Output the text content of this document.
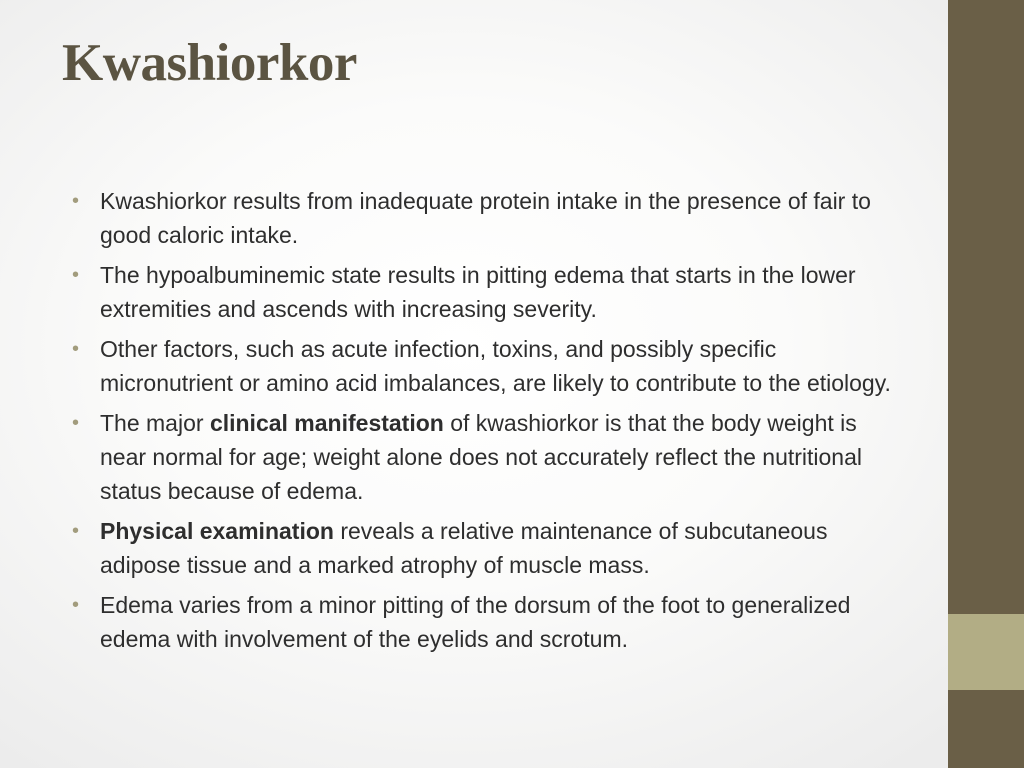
Kwashiorkor
• Kwashiorkor results from inadequate protein intake in the presence of fair to good caloric intake.
• The hypoalbuminemic state results in pitting edema that starts in the lower extremities and ascends with increasing severity.
• Other factors, such as acute infection, toxins, and possibly specific micronutrient or amino acid imbalances, are likely to contribute to the etiology.
• The major clinical manifestation of kwashiorkor is that the body weight is near normal for age; weight alone does not accurately reflect the nutritional status because of edema.
• Physical examination reveals a relative maintenance of subcutaneous adipose tissue and a marked atrophy of muscle mass.
• Edema varies from a minor pitting of the dorsum of the foot to generalized edema with involvement of the eyelids and scrotum.
